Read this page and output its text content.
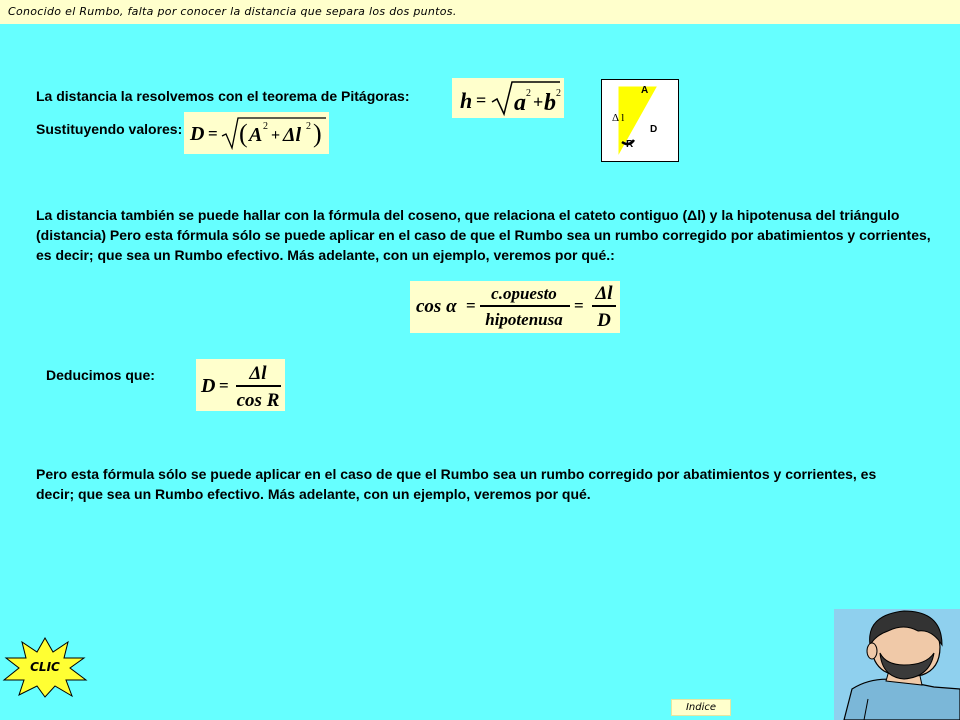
Conocido el Rumbo, falta por conocer la distancia que separa los dos puntos.
La distancia la resolvemos con el teorema de Pitágoras: h = a 2 + b 2
Sustituyendo valores: D = ( A 2
+ Δl 2 )
A
Δ l
D
R
La distancia también se puede hallar con la fórmula del coseno, que relaciona el cateto contiguo (Δl) y la hipotenusa del triángulo (distancia) Pero esta fórmula sólo se puede aplicar en el caso de que el Rumbo sea un rumbo corregido por abatimientos y corrientes, es decir; que sea un Rumbo efectivo. Más adelante, con un ejemplo, veremos por qué.:
cos α =
c.opuesto
hipotenusa
=
Δl
D
Deducimos que: D =
Δl
cos R
Pero esta fórmula sólo se puede aplicar en el caso de que el Rumbo sea un rumbo corregido por abatimientos y corrientes, es decir; que sea un Rumbo efectivo. Más adelante, con un ejemplo, veremos por qué.
CLIC
Indice
